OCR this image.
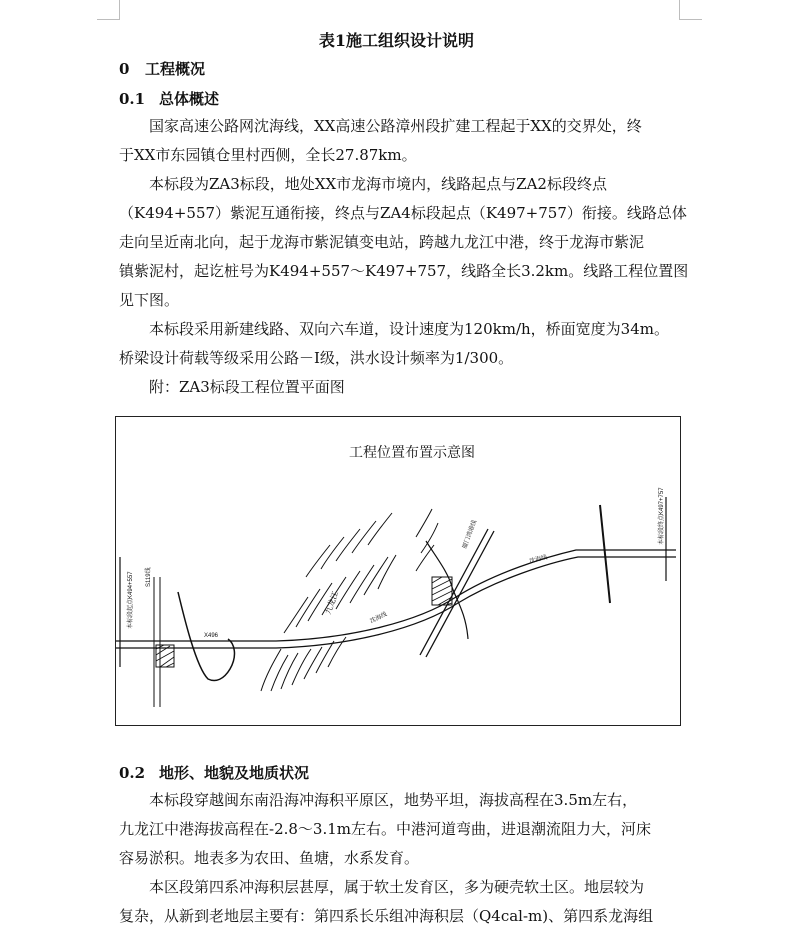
表1施工组织设计说明
0 工程概况
0.1 总体概述
国家高速公路网沈海线，XX高速公路漳州段扩建工程起于XX的交界处，终
于XX市东园镇仓里村西侧，全长27.87km。
本标段为ZA3标段，地处XX市龙海市境内，线路起点与ZA2标段终点
（K494+557）紫泥互通衔接，终点与ZA4标段起点（K497+757）衔接。线路总体
走向呈近南北向，起于龙海市紫泥镇变电站，跨越九龙江中港，终于龙海市紫泥
镇紫泥村，起讫桩号为K494+557～K497+757，线路全长3.2km。线路工程位置图
见下图。
本标段采用新建线路、双向六车道，设计速度为120km/h，桥面宽度为34m。
桥梁设计荷载等级采用公路－Ⅰ级，洪水设计频率为1/300。
附：ZA3标段工程位置平面图
工程位置布置示意图
本标段起点K494+557	S119线
X496
九龙江
沈海线
厦门湾港线
沈海线
本标段终点K497+757
0.2 地形、地貌及地质状况
本标段穿越闽东南沿海冲海积平原区，地势平坦，海拔高程在3.5m左右，
九龙江中港海拔高程在-2.8～3.1m左右。中港河道弯曲，进退潮流阻力大，河床
容易淤积。地表多为农田、鱼塘，水系发育。
本区段第四系冲海积层甚厚，属于软土发育区，多为硬壳软土区。地层较为
复杂，从新到老地层主要有：第四系长乐组冲海积层（Q4cal-m)、第四系龙海组
